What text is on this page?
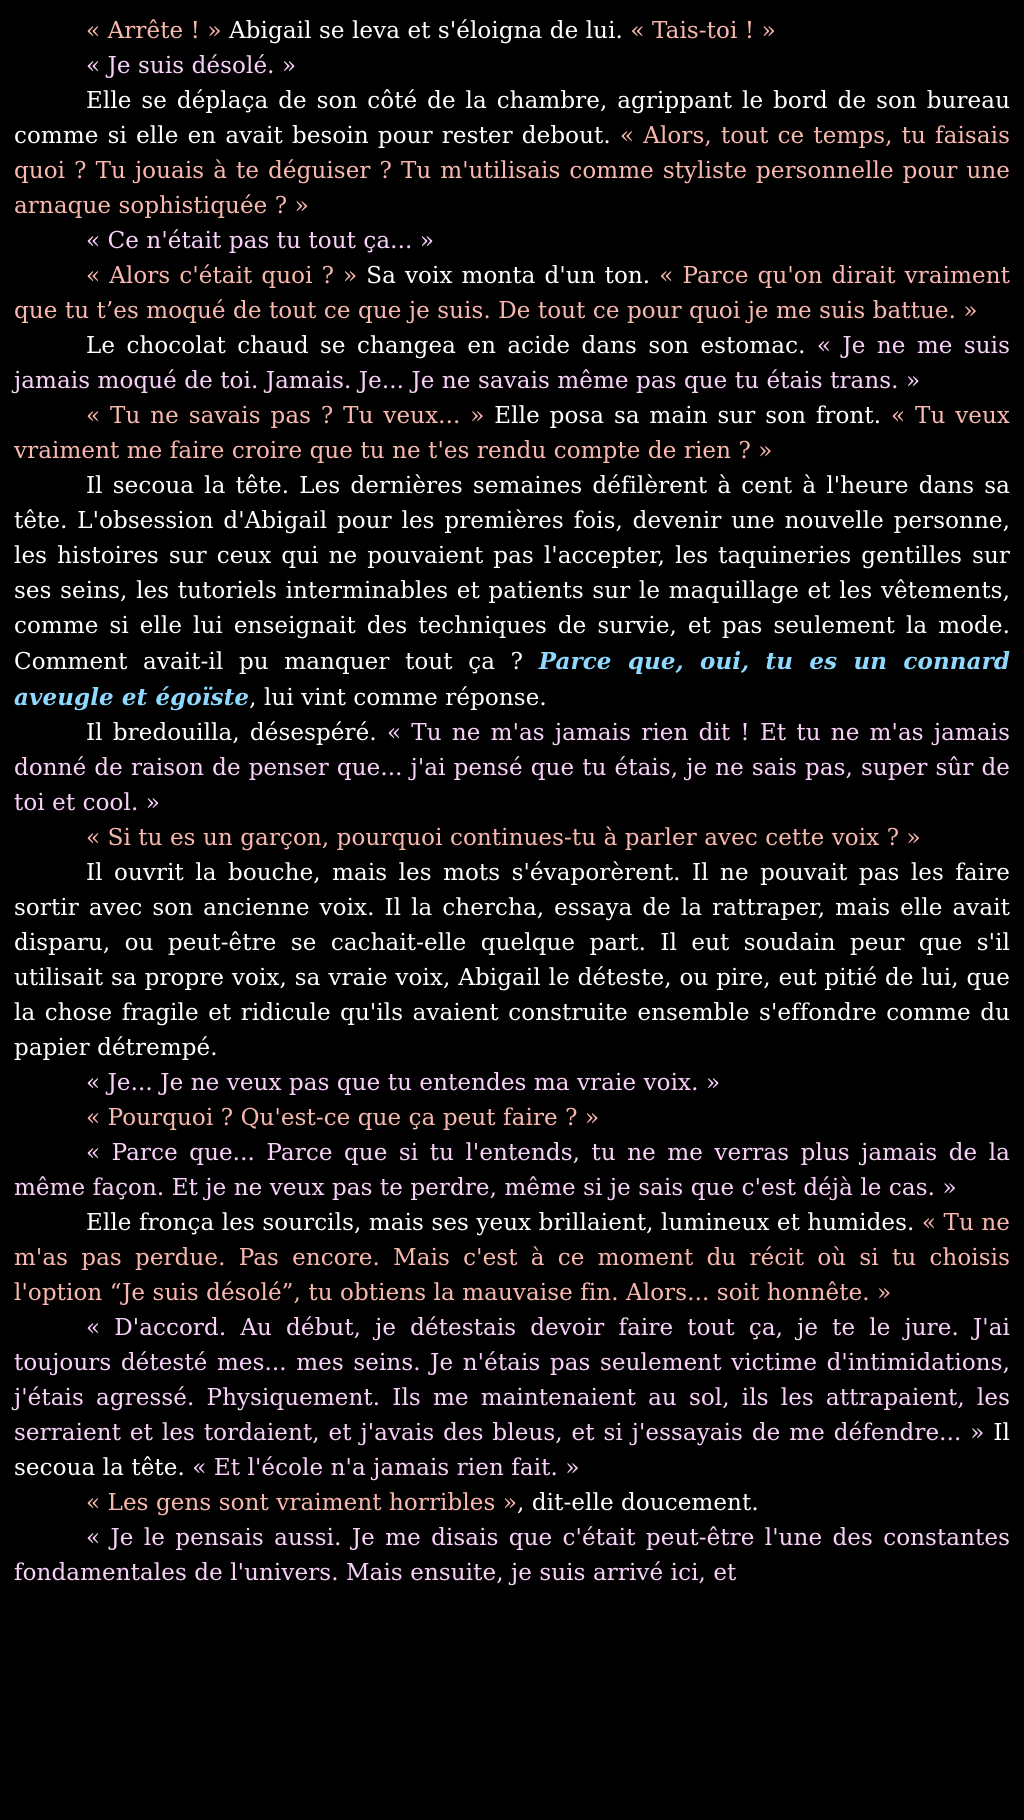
« Arrête ! » Abigail se leva et s'éloigna de lui. « Tais-toi ! »

« Je suis désolé. »

Elle se déplaça de son côté de la chambre, agrippant le bord de son bureau comme si elle en avait besoin pour rester debout. « Alors, tout ce temps, tu faisais quoi ? Tu jouais à te déguiser ? Tu m'utilisais comme styliste personnelle pour une arnaque sophistiquée ? »

« Ce n'était pas tu tout ça... »

« Alors c'était quoi ? » Sa voix monta d'un ton. « Parce qu'on dirait vraiment que tu t’es moqué de tout ce que je suis. De tout ce pour quoi je me suis battue. »

Le chocolat chaud se changea en acide dans son estomac. « Je ne me suis jamais moqué de toi. Jamais. Je... Je ne savais même pas que tu étais trans. »

« Tu ne savais pas ? Tu veux... » Elle posa sa main sur son front. « Tu veux vraiment me faire croire que tu ne t'es rendu compte de rien ? »

Il secoua la tête. Les dernières semaines défilèrent à cent à l'heure dans sa tête. L'obsession d'Abigail pour les premières fois, devenir une nouvelle personne, les histoires sur ceux qui ne pouvaient pas l'accepter, les taquineries gentilles sur ses seins, les tutoriels interminables et patients sur le maquillage et les vêtements, comme si elle lui enseignait des techniques de survie, et pas seulement la mode. Comment avait-il pu manquer tout ça ? Parce que, oui, tu es un connard aveugle et égoïste, lui vint comme réponse.

Il bredouilla, désespéré. « Tu ne m'as jamais rien dit ! Et tu ne m'as jamais donné de raison de penser que... j'ai pensé que tu étais, je ne sais pas, super sûr de toi et cool. »

« Si tu es un garçon, pourquoi continues-tu à parler avec cette voix ? »

Il ouvrit la bouche, mais les mots s'évaporèrent. Il ne pouvait pas les faire sortir avec son ancienne voix. Il la chercha, essaya de la rattraper, mais elle avait disparu, ou peut-être se cachait-elle quelque part. Il eut soudain peur que s'il utilisait sa propre voix, sa vraie voix, Abigail le déteste, ou pire, eut pitié de lui, que la chose fragile et ridicule qu'ils avaient construite ensemble s'effondre comme du papier détrempé.

« Je... Je ne veux pas que tu entendes ma vraie voix. »

« Pourquoi ? Qu'est-ce que ça peut faire ? »

« Parce que... Parce que si tu l'entends, tu ne me verras plus jamais de la même façon. Et je ne veux pas te perdre, même si je sais que c'est déjà le cas. »

Elle fronça les sourcils, mais ses yeux brillaient, lumineux et humides. « Tu ne m'as pas perdue. Pas encore. Mais c'est à ce moment du récit où si tu choisis l'option “Je suis désolé”, tu obtiens la mauvaise fin. Alors... soit honnête. »

« D'accord. Au début, je détestais devoir faire tout ça, je te le jure. J'ai toujours détesté mes... mes seins. Je n'étais pas seulement victime d'intimidations, j'étais agressé. Physiquement. Ils me maintenaient au sol, ils les attrapaient, les serraient et les tordaient, et j'avais des bleus, et si j'essayais de me défendre... » Il secoua la tête. « Et l'école n'a jamais rien fait. »

« Les gens sont vraiment horribles », dit-elle doucement.

« Je le pensais aussi. Je me disais que c'était peut-être l'une des constantes fondamentales de l'univers. Mais ensuite, je suis arrivé ici, et
